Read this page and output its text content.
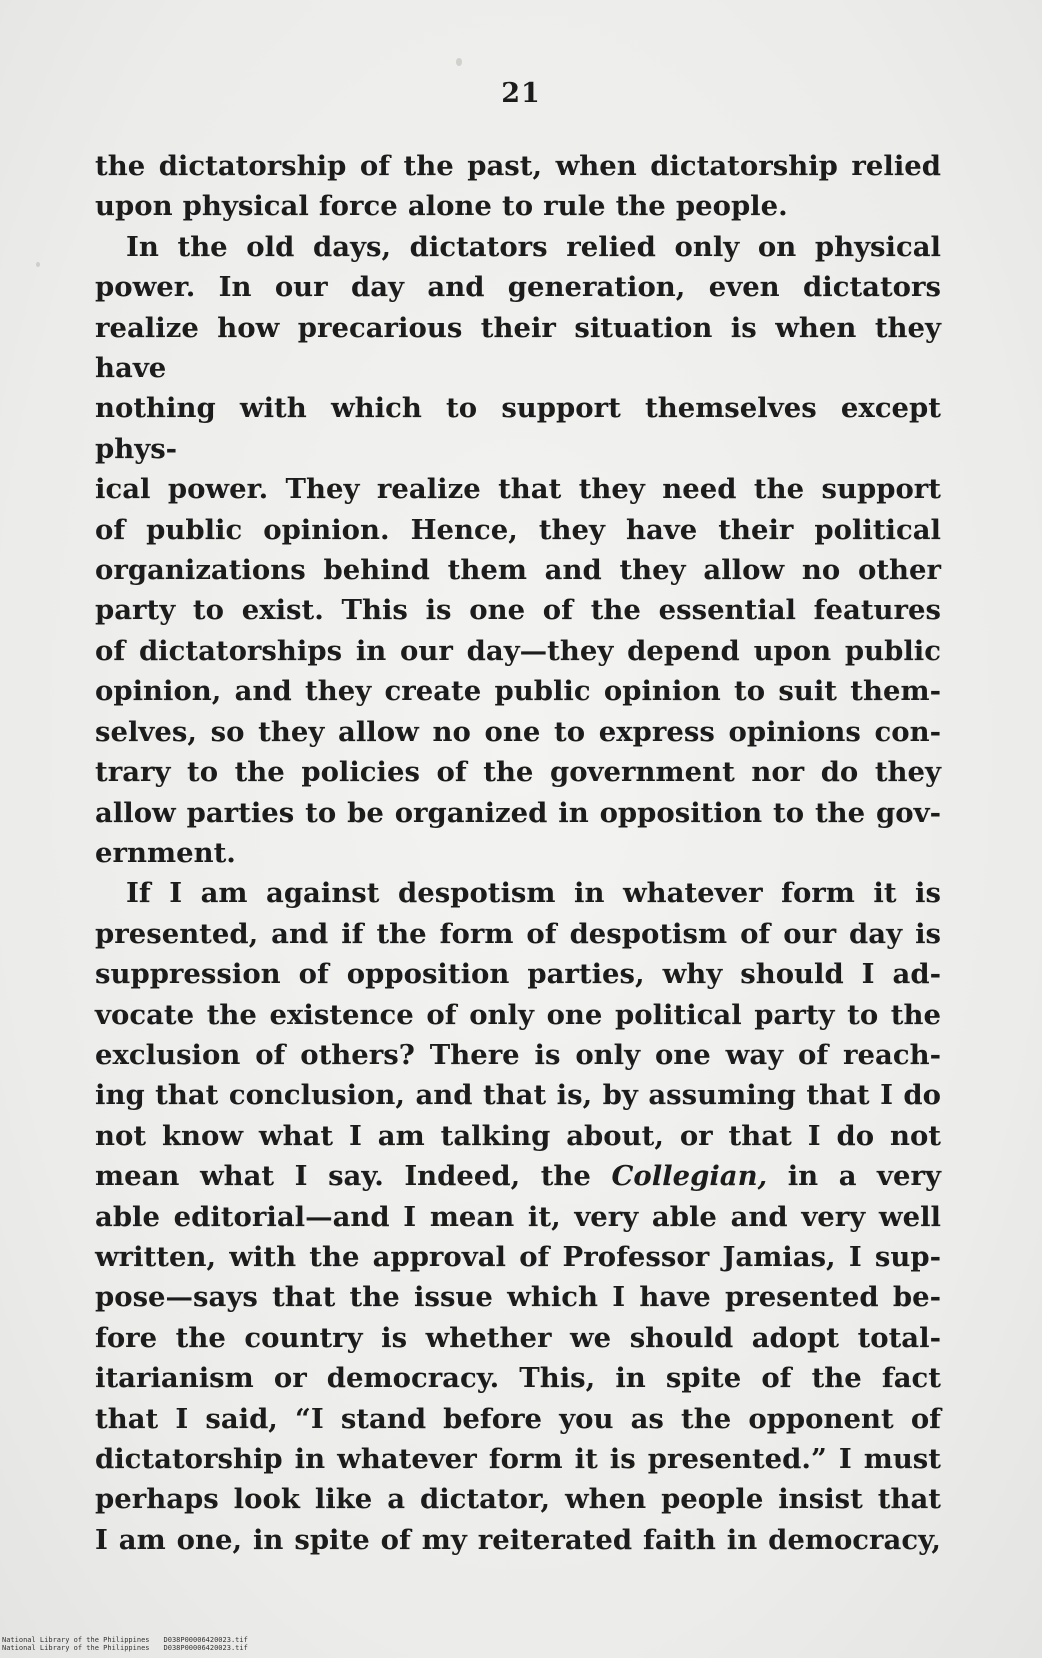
21

the dictatorship of the past, when dictatorship relied

upon physical force alone to rule the people.

In the old days, dictators relied only on physical

power. In our day and generation, even dictators

realize how precarious their situation is when they have

nothing with which to support themselves except phys-

ical power. They realize that they need the support

of public opinion. Hence, they have their political

organizations behind them and they allow no other

party to exist. This is one of the essential features

of dictatorships in our day—they depend upon public

opinion, and they create public opinion to suit them-

selves, so they allow no one to express opinions con-

trary to the policies of the government nor do they

allow parties to be organized in opposition to the gov-

ernment.

If I am against despotism in whatever form it is

presented, and if the form of despotism of our day is

suppression of opposition parties, why should I ad-

vocate the existence of only one political party to the

exclusion of others? There is only one way of reach-

ing that conclusion, and that is, by assuming that I do

not know what I am talking about, or that I do not

mean what I say. Indeed, the Collegian, in a very

able editorial—and I mean it, very able and very well

written, with the approval of Professor Jamias, I sup-

pose—says that the issue which I have presented be-

fore the country is whether we should adopt total-

itarianism or democracy. This, in spite of the fact

that I said, “I stand before you as the opponent of

dictatorship in whatever form it is presented.” I must

perhaps look like a dictator, when people insist that

I am one, in spite of my reiterated faith in democracy,

National Library of the Philippines D038P00006420023.tif
National Library of the Philippines D038P00006420023.tif
